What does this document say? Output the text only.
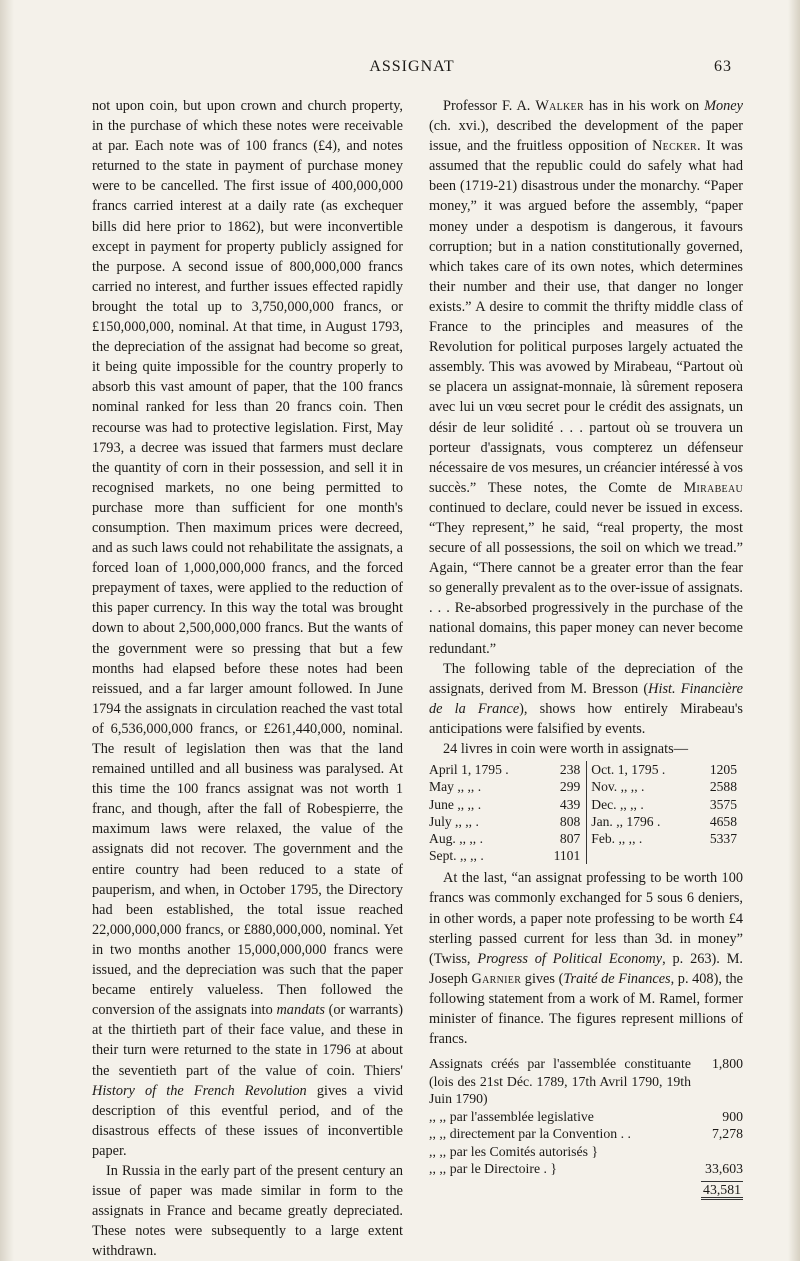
ASSIGNAT	63

not upon coin, but upon crown and church property, in the purchase of which these notes were receivable at par. Each note was of 100 francs (£4), and notes returned to the state in payment of purchase money were to be cancelled. The first issue of 400,000,000 francs carried interest at a daily rate (as exchequer bills did here prior to 1862), but were inconvertible except in payment for property publicly assigned for the purpose. A second issue of 800,000,000 francs carried no interest, and further issues effected rapidly brought the total up to 3,750,000,000 francs, or £150,000,000, nominal. At that time, in August 1793, the depreciation of the assignat had become so great, it being quite impossible for the country properly to absorb this vast amount of paper, that the 100 francs nominal ranked for less than 20 francs coin. Then recourse was had to protective legislation. First, May 1793, a decree was issued that farmers must declare the quantity of corn in their possession, and sell it in recognised markets, no one being permitted to purchase more than sufficient for one month's consumption. Then maximum prices were decreed, and as such laws could not rehabilitate the assignats, a forced loan of 1,000,000,000 francs, and the forced prepayment of taxes, were applied to the reduction of this paper currency. In this way the total was brought down to about 2,500,000,000 francs. But the wants of the government were so pressing that but a few months had elapsed before these notes had been reissued, and a far larger amount followed. In June 1794 the assignats in circulation reached the vast total of 6,536,000,000 francs, or £261,440,000, nominal. The result of legislation then was that the land remained untilled and all business was paralysed. At this time the 100 francs assignat was not worth 1 franc, and though, after the fall of Robespierre, the maximum laws were relaxed, the value of the assignats did not recover. The government and the entire country had been reduced to a state of pauperism, and when, in October 1795, the Directory had been established, the total issue reached 22,000,000,000 francs, or £880,000,000, nominal. Yet in two months another 15,000,000,000 francs were issued, and the depreciation was such that the paper became entirely valueless. Then followed the conversion of the assignats into mandats (or warrants) at the thirtieth part of their face value, and these in their turn were returned to the state in 1796 at about the seventieth part of the value of coin. Thiers' History of the French Revolution gives a vivid description of this eventful period, and of the disastrous effects of these issues of inconvertible paper.

In Russia in the early part of the present century an issue of paper was made similar in form to the assignats in France and became greatly depreciated. These notes were subsequently to a large extent withdrawn.

Professor F. A. Walker has in his work on Money (ch. xvi.), described the development of the paper issue, and the fruitless opposition of Necker. It was assumed that the republic could do safely what had been (1719-21) disastrous under the monarchy. “Paper money,” it was argued before the assembly, “paper money under a despotism is dangerous, it favours corruption; but in a nation constitutionally governed, which takes care of its own notes, which determines their number and their use, that danger no longer exists.” A desire to commit the thrifty middle class of France to the principles and measures of the Revolution for political purposes largely actuated the assembly. This was avowed by Mirabeau, “Partout où se placera un assignat-monnaie, là sûrement reposera avec lui un vœu secret pour le crédit des assignats, un désir de leur solidité . . . partout où se trouvera un porteur d'assignats, vous compterez un défenseur nécessaire de vos mesures, un créancier intéressé à vos succès.” These notes, the Comte de Mirabeau continued to declare, could never be issued in excess. “They represent,” he said, “real property, the most secure of all possessions, the soil on which we tread.” Again, “There cannot be a greater error than the fear so generally prevalent as to the over-issue of assignats. . . . Re-absorbed progressively in the purchase of the national domains, this paper money can never become redundant.”

The following table of the depreciation of the assignats, derived from M. Bresson (Hist. Financière de la France), shows how entirely Mirabeau's anticipations were falsified by events.

24 livres in coin were worth in assignats—

April 1, 1795 .	238	Oct. 1, 1795 .	1205
May ,, ,, .	299	Nov. ,, ,, .	2588
June ,, ,, .	439	Dec. ,, ,, .	3575
July ,, ,, .	808	Jan. ,, 1796 .	4658
Aug. ,, ,, .	807	Feb. ,, ,, .	5337
Sept. ,, ,, .	1101		

At the last, “an assignat professing to be worth 100 francs was commonly exchanged for 5 sous 6 deniers, in other words, a paper note professing to be worth £4 sterling passed current for less than 3d. in money” (Twiss, Progress of Political Economy, p. 263). M. Joseph Garnier gives (Traité de Finances, p. 408), the following statement from a work of M. Ramel, former minister of finance. The figures represent millions of francs.

Assignats créés par l'assemblée constituante (lois des 21st Déc. 1789, 17th Avril 1790, 19th Juin 1790)
1,800
,, ,, par l'assemblée legislative	900
,, ,, directement par la Convention . .	7,278
,, ,, par les Comités autorisés }
,, ,, par le Directoire . }	33,603
43,581
